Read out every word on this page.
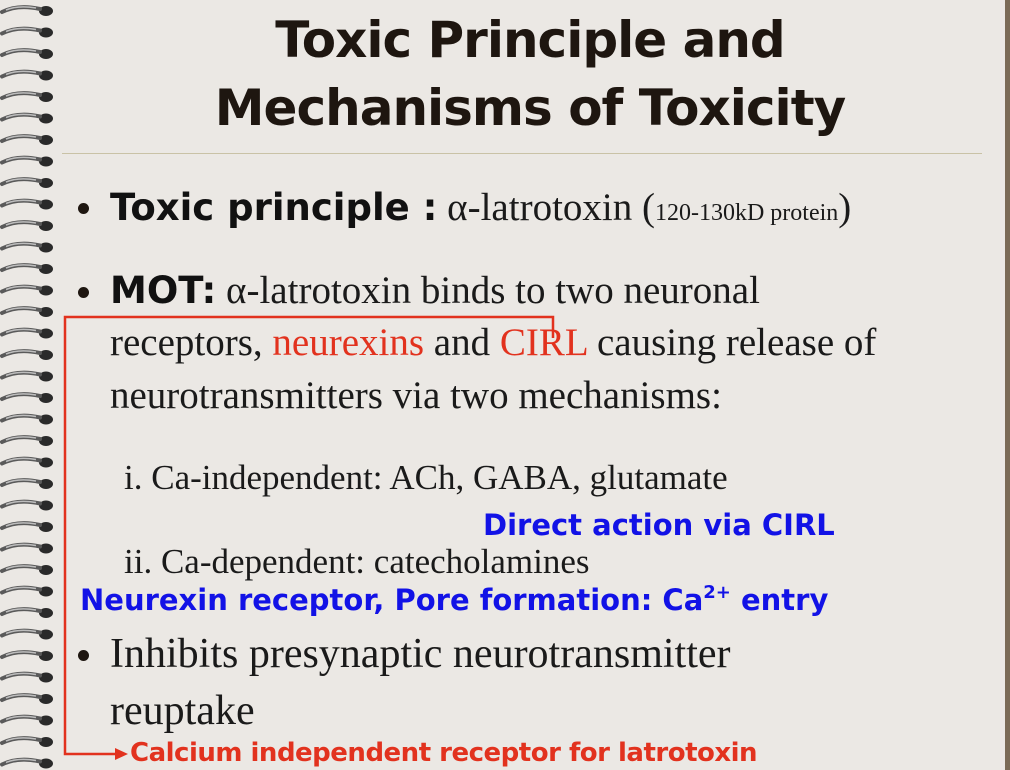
Toxic Principle and
Mechanisms of Toxicity
Toxic principle : α-latrotoxin (120-130kD protein)
MOT: α-latrotoxin binds to two neuronal
receptors, neurexins and CIRL causing release of
neurotransmitters via two mechanisms:
i. Ca-independent: ACh, GABA, glutamate
Direct action via CIRL
ii. Ca-dependent: catecholamines
Neurexin receptor, Pore formation: $Ca^{2+}$ entry
Inhibits presynaptic neurotransmitter
reuptake
Calcium independent receptor for latrotoxin
